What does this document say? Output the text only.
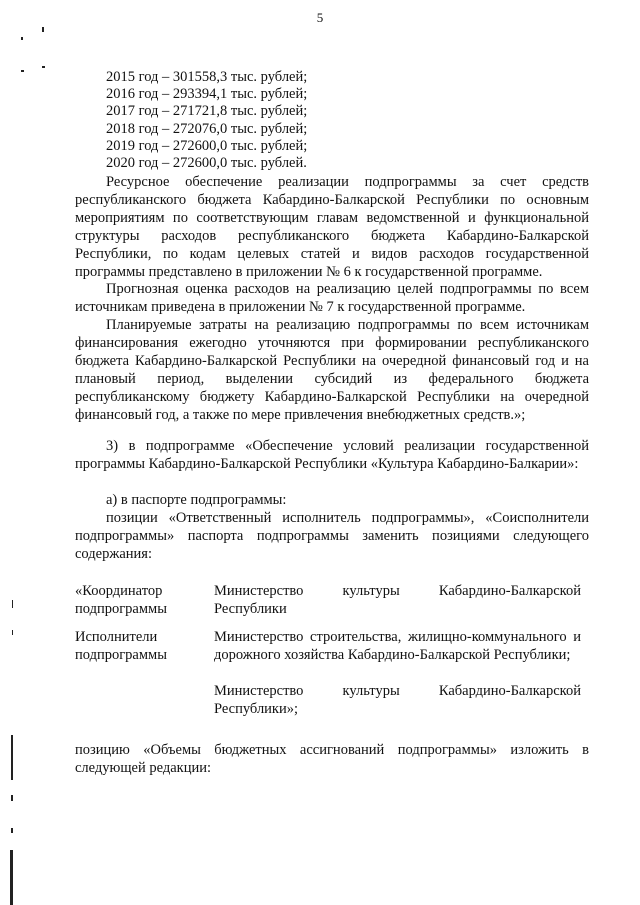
5
2015 год – 301558,3 тыс. рублей;
2016 год – 293394,1 тыс. рублей;
2017 год – 271721,8 тыс. рублей;
2018 год – 272076,0 тыс. рублей;
2019 год – 272600,0 тыс. рублей;
2020 год – 272600,0 тыс. рублей.
Ресурсное обеспечение реализации подпрограммы за счет средств республиканского бюджета Кабардино-Балкарской Республики по основным мероприятиям по соответствующим главам ведомственной и функциональной структуры расходов республиканского бюджета Кабардино-Балкарской Республики, по кодам целевых статей и видов расходов государственной программы представлено в приложении № 6 к государственной программе.
Прогнозная оценка расходов на реализацию целей подпрограммы по всем источникам приведена в приложении № 7 к государственной программе.
Планируемые затраты на реализацию подпрограммы по всем источникам финансирования ежегодно уточняются при формировании республиканского бюджета Кабардино-Балкарской Республики на очередной финансовый год и на плановый период, выделении субсидий из федерального бюджета республиканскому бюджету Кабардино-Балкарской Республики на очередной финансовый год, а также по мере привлечения внебюджетных средств.»;
3) в подпрограмме «Обеспечение условий реализации государственной программы Кабардино-Балкарской Республики «Культура Кабардино-Балкарии»:
а) в паспорте подпрограммы:
позиции «Ответственный исполнитель подпрограммы», «Соисполнители подпрограммы» паспорта подпрограммы заменить позициями следующего содержания:
«Координатор подпрограммы
Министерство культуры Кабардино-Балкарской Республики
Исполнители подпрограммы
Министерство строительства, жилищно-коммунального и дорожного хозяйства Кабардино-Балкарской Республики;
Министерство культуры Кабардино-Балкарской Республики»;
позицию «Объемы бюджетных ассигнований подпрограммы» изложить в следующей редакции:
